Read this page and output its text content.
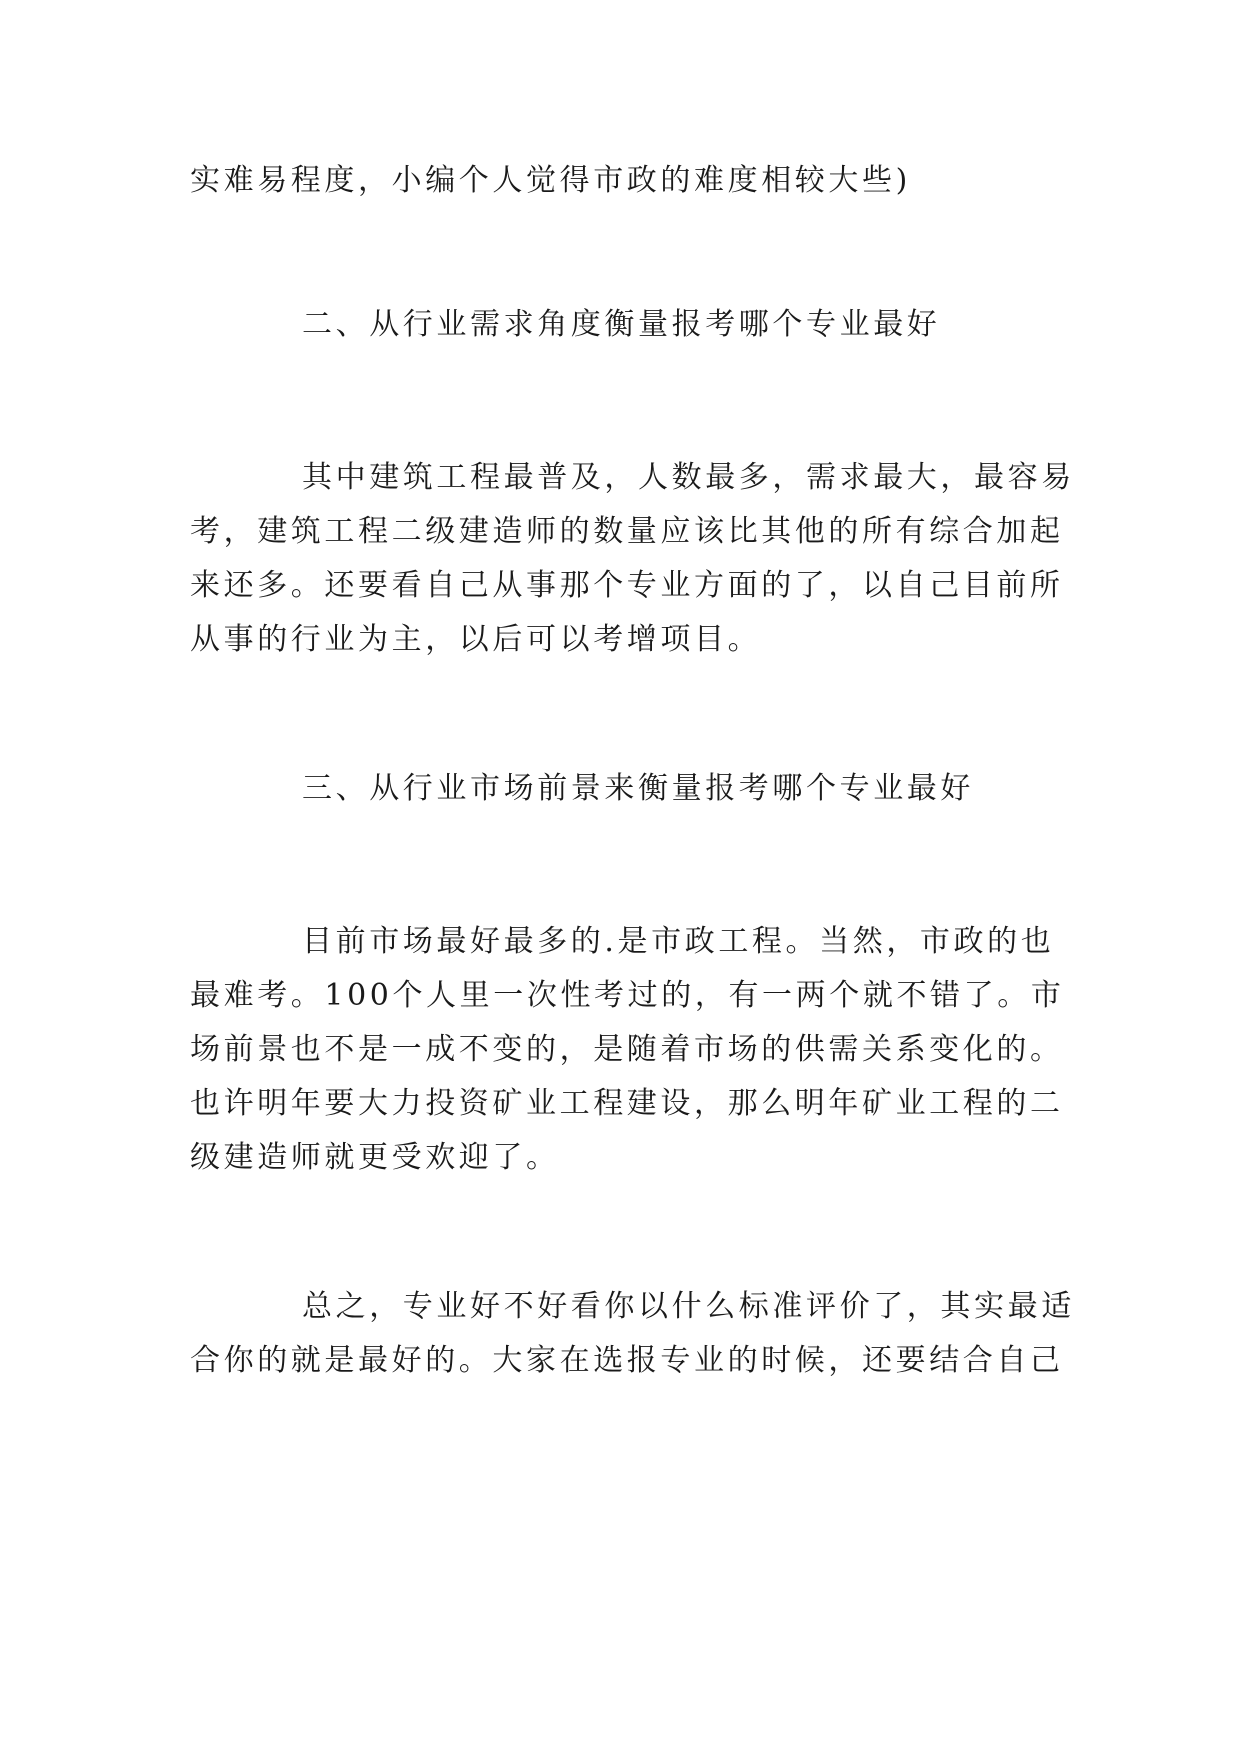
实难易程度，小编个人觉得市政的难度相较大些)

二、从行业需求角度衡量报考哪个专业最好

其中建筑工程最普及，人数最多，需求最大，最容易

考，建筑工程二级建造师的数量应该比其他的所有综合加起

来还多。还要看自己从事那个专业方面的了，以自己目前所

从事的行业为主，以后可以考增项目。

三、从行业市场前景来衡量报考哪个专业最好

目前市场最好最多的.是市政工程。当然，市政的也

最难考。100个人里一次性考过的，有一两个就不错了。市

场前景也不是一成不变的，是随着市场的供需关系变化的。

也许明年要大力投资矿业工程建设，那么明年矿业工程的二

级建造师就更受欢迎了。

总之，专业好不好看你以什么标准评价了，其实最适

合你的就是最好的。大家在选报专业的时候，还要结合自己
